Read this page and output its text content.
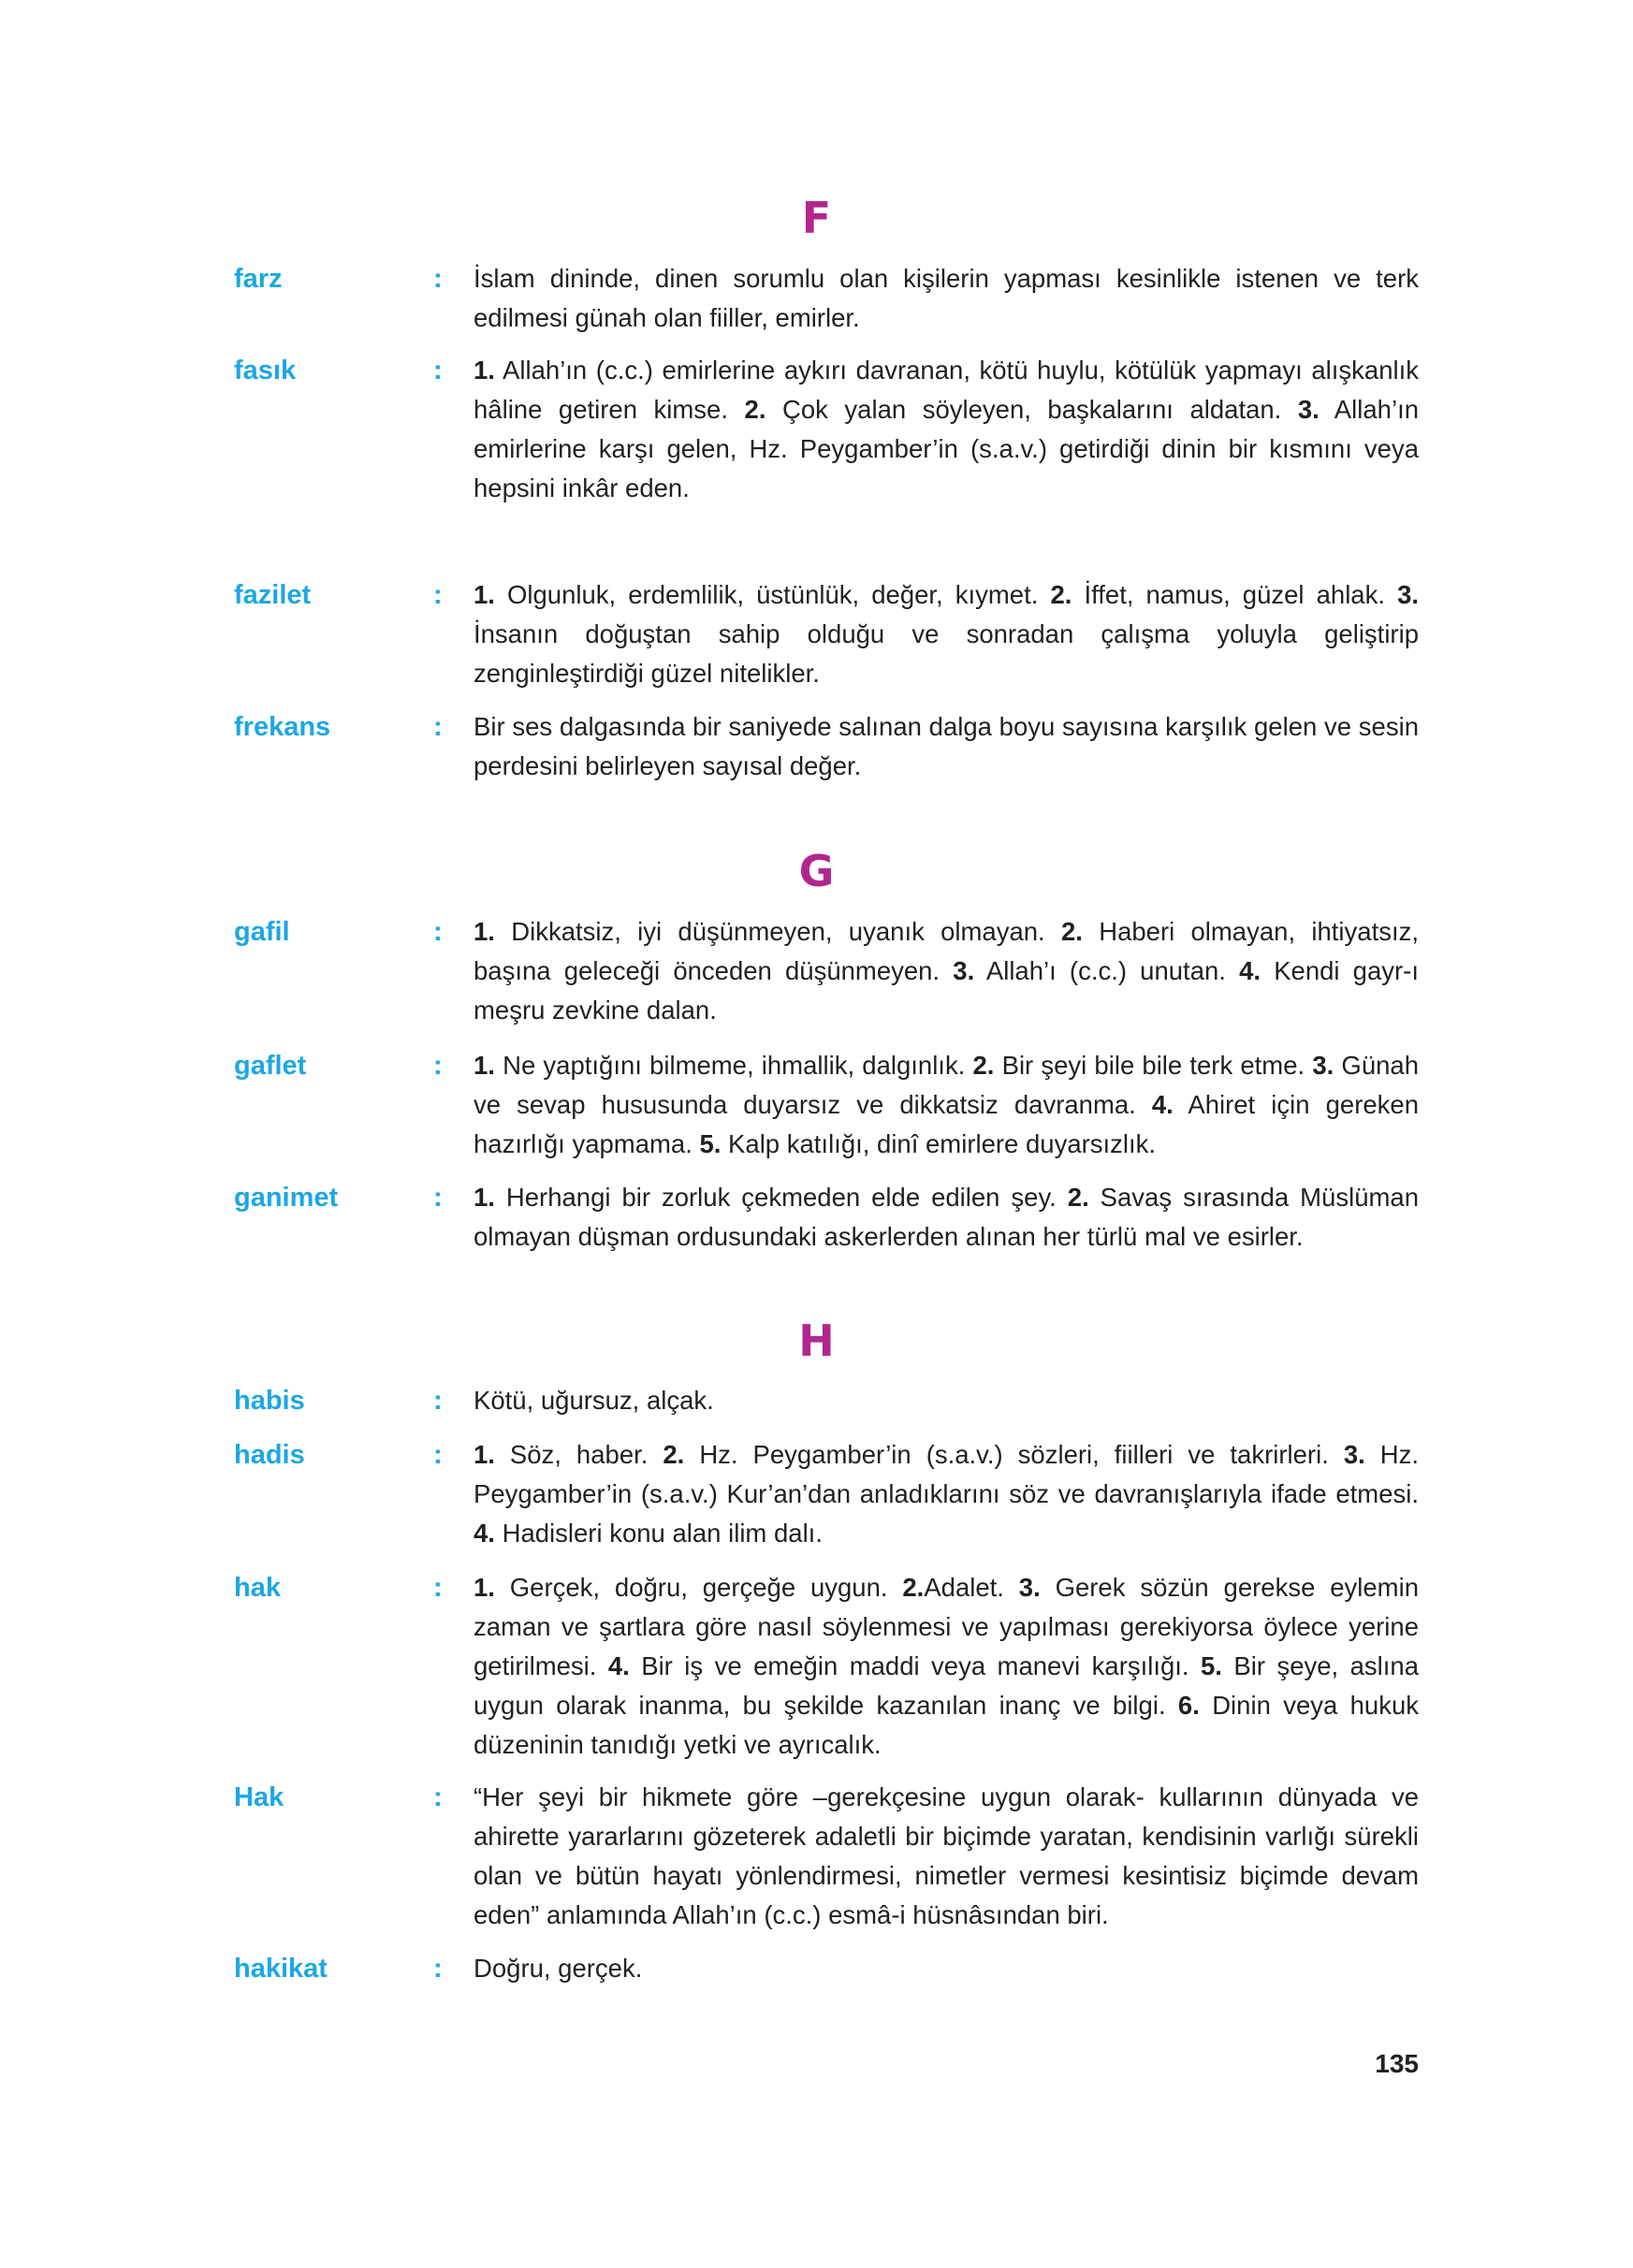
F
farz	: İslam dininde, dinen sorumlu olan kişilerin yapması kesinlikle istenen ve terk edilmesi günah olan fiiller, emirler.
fasık	: 1. Allah’ın (c.c.) emirlerine aykırı davranan, kötü huylu, kötülük yapmayı alışkanlık hâline getiren kimse. 2. Çok yalan söyleyen, başkalarını aldatan. 3. Allah’ın emirlerine karşı gelen, Hz. Peygamber’in (s.a.v.) getirdiği dinin bir kısmını veya hepsini inkâr eden.
fazilet	: 1. Olgunluk, erdemlilik, üstünlük, değer, kıymet. 2. İffet, namus, güzel ahlak. 3. İnsanın doğuştan sahip olduğu ve sonradan çalışma yoluyla geliştirip zenginleştirdiği güzel nitelikler.
frekans	: Bir ses dalgasında bir saniyede salınan dalga boyu sayısına karşılık gelen ve sesin perdesini belirleyen sayısal değer.
G
gafil	: 1. Dikkatsiz, iyi düşünmeyen, uyanık olmayan. 2. Haberi olmayan, ihtiyatsız, başına geleceği önceden düşünmeyen. 3. Allah’ı (c.c.) unutan. 4. Kendi gayr-ı meşru zevkine dalan.
gaflet	: 1. Ne yaptığını bilmeme, ihmallik, dalgınlık. 2. Bir şeyi bile bile terk etme. 3. Günah ve sevap hususunda duyarsız ve dikkatsiz davranma. 4. Ahiret için gereken hazırlığı yapmama. 5. Kalp katılığı, dinî emirlere duyarsızlık.
ganimet	: 1. Herhangi bir zorluk çekmeden elde edilen şey. 2. Savaş sırasında Müslüman olmayan düşman ordusundaki askerlerden alınan her türlü mal ve esirler.
H
habis	: Kötü, uğursuz, alçak.
hadis	: 1. Söz, haber. 2. Hz. Peygamber’in (s.a.v.) sözleri, fiilleri ve takrirleri. 3. Hz. Peygamber’in (s.a.v.) Kur’an’dan anladıklarını söz ve davranışlarıyla ifade etmesi. 4. Hadisleri konu alan ilim dalı.
hak	: 1. Gerçek, doğru, gerçeğe uygun. 2.Adalet. 3. Gerek sözün gerekse eylemin zaman ve şartlara göre nasıl söylenmesi ve yapılması gerekiyorsa öylece yerine getirilmesi. 4. Bir iş ve emeğin maddi veya manevi karşılığı. 5. Bir şeye, aslına uygun olarak inanma, bu şekilde kazanılan inanç ve bilgi. 6. Dinin veya hukuk düzeninin tanıdığı yetki ve ayrıcalık.
Hak	: “Her şeyi bir hikmete göre –gerekçesine uygun olarak- kullarının dünyada ve ahirette yararlarını gözeterek adaletli bir biçimde yaratan, kendisinin varlığı sürekli olan ve bütün hayatı yönlendirmesi, nimetler vermesi kesintisiz biçimde devam eden” anlamında Allah’ın (c.c.) esmâ-i hüsnâsından biri.
hakikat	: Doğru, gerçek.
135
